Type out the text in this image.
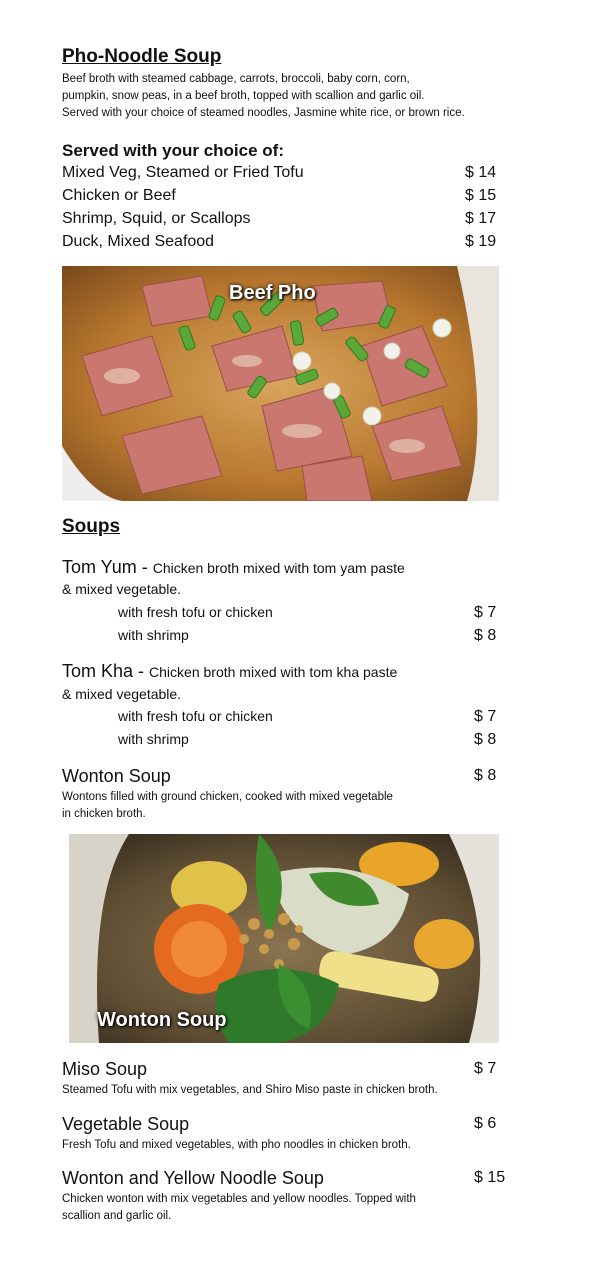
Pho-Noodle Soup
Beef broth with steamed cabbage, carrots, broccoli, baby corn, corn,
pumpkin, snow peas, in a beef broth, topped with scallion and garlic oil.
Served with your choice of steamed noodles, Jasmine white rice, or brown rice.
Served with your choice of:
Mixed Veg, Steamed or Fried Tofu	$ 14
Chicken or Beef	$ 15
Shrimp, Squid, or Scallops	$ 17
Duck, Mixed Seafood	$ 19
Beef Pho
Soups
Tom Yum - Chicken broth mixed with tom yam paste
& mixed vegetable.
with fresh tofu or chicken	$ 7
with shrimp	$ 8
Tom Kha - Chicken broth mixed with tom kha paste
& mixed vegetable.
with fresh tofu or chicken	$ 7
with shrimp	$ 8
Wonton Soup	$ 8
Wontons filled with ground chicken, cooked with mixed vegetable
in chicken broth.
Wonton Soup
Miso Soup	$ 7
Steamed Tofu with mix vegetables, and Shiro Miso paste in chicken broth.
Vegetable Soup	$ 6
Fresh Tofu and mixed vegetables, with pho noodles in chicken broth.
Wonton and Yellow Noodle Soup	$ 15
Chicken wonton with mix vegetables and yellow noodles. Topped with
scallion and garlic oil.
